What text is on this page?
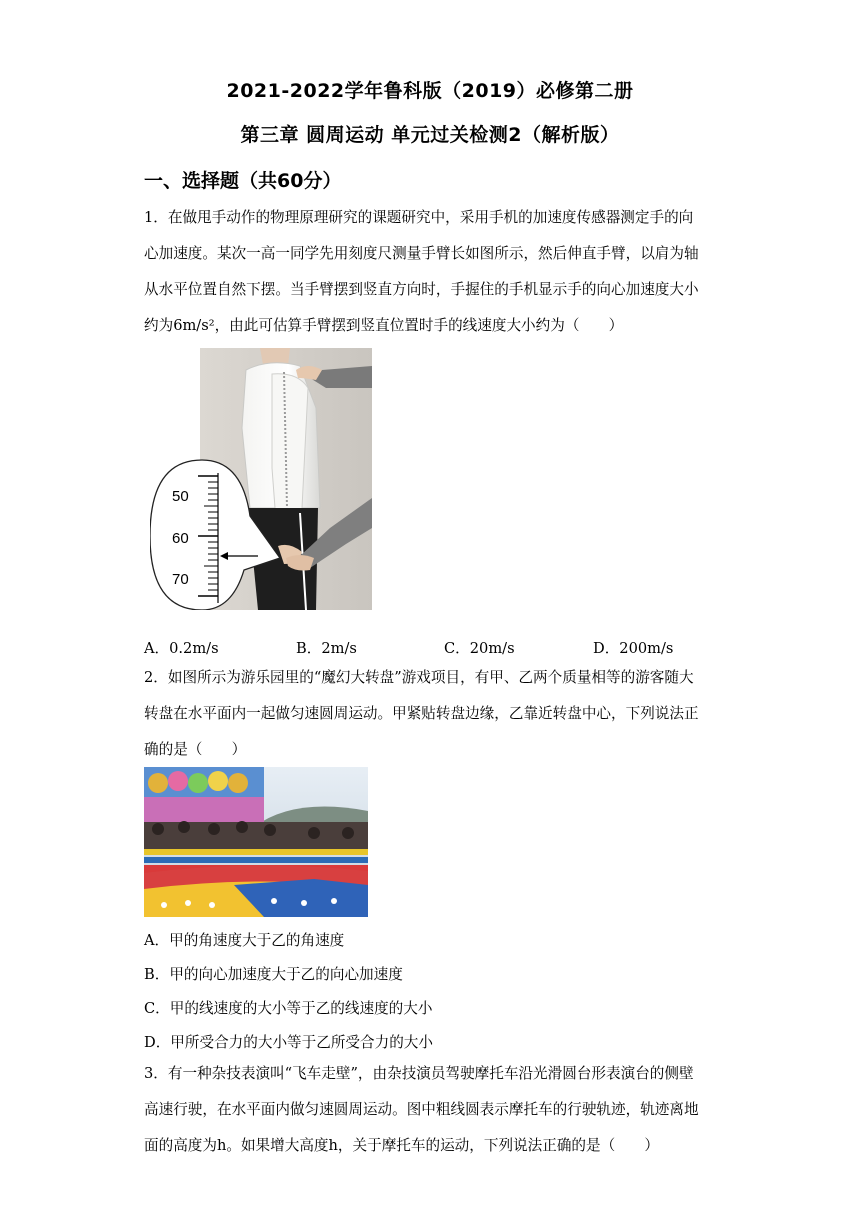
2021-2022学年鲁科版（2019）必修第二册
第三章 圆周运动 单元过关检测2（解析版）
一、选择题（共60分）
1．在做甩手动作的物理原理研究的课题研究中，采用手机的加速度传感器测定手的向
心加速度。某次一高一同学先用刻度尺测量手臂长如图所示，然后伸直手臂，以肩为轴
从水平位置自然下摆。当手臂摆到竖直方向时，手握住的手机显示手的向心加速度大小
约为6m/s²，由此可估算手臂摆到竖直位置时手的线速度大小约为（　　）
50
60
70
A．0.2m/s	B．2m/s	C．20m/s	D．200m/s
2．如图所示为游乐园里的“魔幻大转盘”游戏项目，有甲、乙两个质量相等的游客随大
转盘在水平面内一起做匀速圆周运动。甲紧贴转盘边缘，乙靠近转盘中心，下列说法正
确的是（　　）
A．甲的角速度大于乙的角速度
B．甲的向心加速度大于乙的向心加速度
C．甲的线速度的大小等于乙的线速度的大小
D．甲所受合力的大小等于乙所受合力的大小
3．有一种杂技表演叫“飞车走壁”，由杂技演员驾驶摩托车沿光滑圆台形表演台的侧壁
高速行驶，在水平面内做匀速圆周运动。图中粗线圆表示摩托车的行驶轨迹，轨迹离地
面的高度为h。如果增大高度h，关于摩托车的运动，下列说法正确的是（　　）
